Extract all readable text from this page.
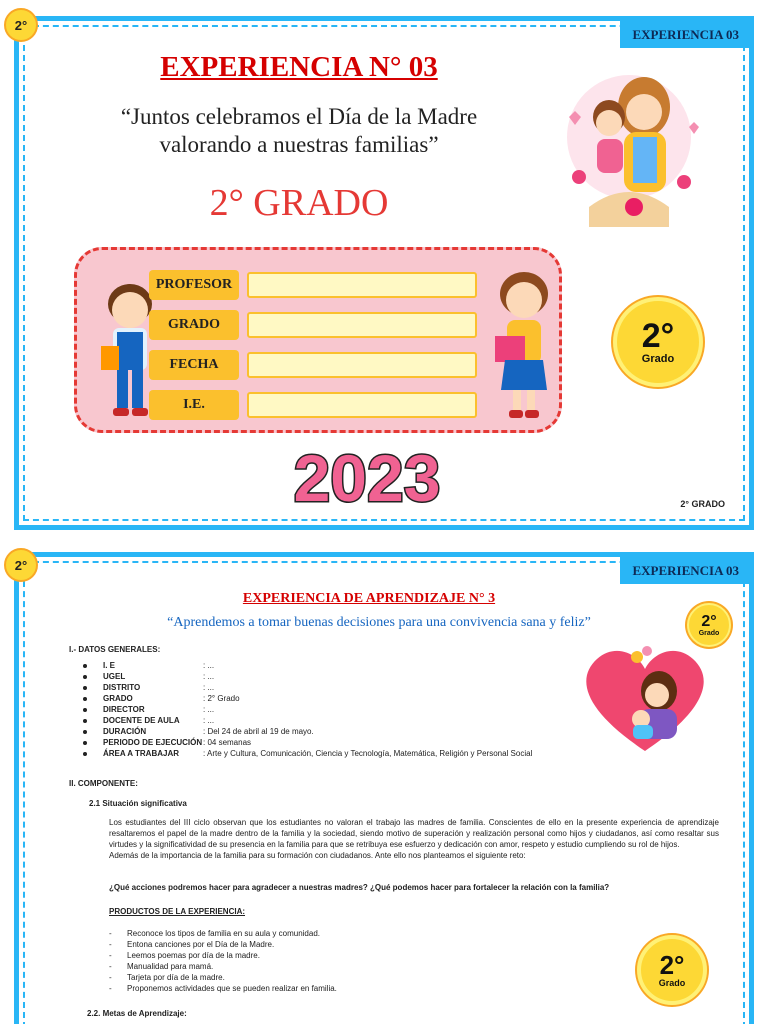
2°
2°
EXPERIENCIA 03
EXPERIENCIA N° 03
“Juntos celebramos el Día de la Madre
valorando a nuestras familias”
2° GRADO
PROFESOR
GRADO
FECHA
I.E.
2°
Grado
2023	2° GRADO
EXPERIENCIA 03
EXPERIENCIA DE APRENDIZAJE N° 3
“Aprendemos a tomar buenas decisiones para una convivencia sana y feliz”	2°
Grado
I.- DATOS GENERALES:
I. E	: ...
UGEL	: ...
DISTRITO	: ...
GRADO	: 2° Grado
DIRECTOR	: ...
DOCENTE DE AULA	: ...
DURACIÓN	: Del 24 de abril al 19 de mayo.
PERIODO DE EJECUCIÓN : 04 semanas
ÁREA A TRABAJAR	: Arte y Cultura, Comunicación, Ciencia y Tecnología, Matemática, Religión y Personal Social
II. COMPONENTE:
2.1 Situación significativa
Los estudiantes del III ciclo observan que los estudiantes no valoran el trabajo las madres de familia. Conscientes de ello en la presente experiencia de aprendizaje resaltaremos el papel de la madre dentro de la familia y la sociedad, siendo motivo de superación y realización personal como hijos y ciudadanos, así como resaltar sus virtudes y la significatividad de su presencia en la familia para que se retribuya ese esfuerzo y dedicación con amor, respeto y estudio cumpliendo su rol de hijos.
Además de la importancia de la familia para su formación con ciudadanos. Ante ello nos planteamos el siguiente reto:
¿Qué acciones podremos hacer para agradecer a nuestras madres? ¿Qué podemos hacer para fortalecer la relación con la familia?
PRODUCTOS DE LA EXPERIENCIA:
- Reconoce los tipos de familia en su aula y comunidad.
- Entona canciones por el Día de la Madre.
- Leemos poemas por día de la madre.
- Manualidad para mamá.
- Tarjeta por día de la madre.
- Proponemos actividades que se pueden realizar en familia.
2°
Grado
2.2. Metas de Aprendizaje:
